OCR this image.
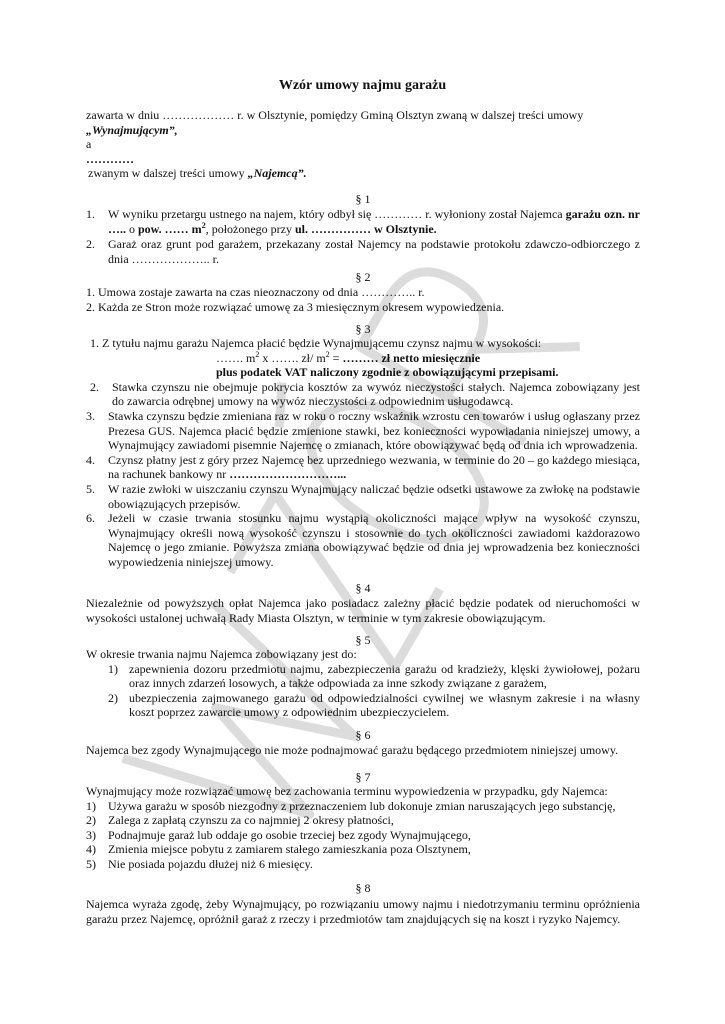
Wzór umowy najmu garażu
zawarta w dniu ……………… r. w Olsztynie, pomiędzy Gminą Olsztyn zwaną w dalszej treści umowy
„Wynajmującym”,
a
…………
zwanym w dalszej treści umowy „Najemcą”.
§ 1
1. W wyniku przetargu ustnego na najem, który odbył się ………… r. wyłoniony został Najemca garażu ozn. nr ….. o pow. …… $m^2$, położonego przy ul. …………… w Olsztynie.
2. Garaż oraz grunt pod garażem, przekazany został Najemcy na podstawie protokołu zdawczo-odbiorczego z dnia ……………….. r.
§ 2
1. Umowa zostaje zawarta na czas nieoznaczony od dnia ………….. r.
2. Każda ze Stron może rozwiązać umowę za 3 miesięcznym okresem wypowiedzenia.
§ 3
1. Z tytułu najmu garażu Najemca płacić będzie Wynajmującemu czynsz najmu w wysokości:
……. $m^2$ x ……. zł/ $m^2$ = ……… zł netto miesięcznie
plus podatek VAT naliczony zgodnie z obowiązującymi przepisami.
2. Stawka czynszu nie obejmuje pokrycia kosztów za wywóz nieczystości stałych. Najemca zobowiązany jest do zawarcia odrębnej umowy na wywóz nieczystości z odpowiednim usługodawcą.
3. Stawka czynszu będzie zmieniana raz w roku o roczny wskaźnik wzrostu cen towarów i usług ogłaszany przez Prezesa GUS. Najemca płacić będzie zmienione stawki, bez konieczności wypowiadania niniejszej umowy, a Wynajmujący zawiadomi pisemnie Najemcę o zmianach, które obowiązywać będą od dnia ich wprowadzenia.
4. Czynsz płatny jest z góry przez Najemcę bez uprzedniego wezwania, w terminie do 20 – go każdego miesiąca, na rachunek bankowy nr ………………………...
5. W razie zwłoki w uiszczaniu czynszu Wynajmujący naliczać będzie odsetki ustawowe za zwłokę na podstawie obowiązujących przepisów.
6. Jeżeli w czasie trwania stosunku najmu wystąpią okoliczności mające wpływ na wysokość czynszu, Wynajmujący określi nową wysokość czynszu i stosownie do tych okoliczności zawiadomi każdorazowo Najemcę o jego zmianie. Powyższa zmiana obowiązywać będzie od dnia jej wprowadzenia bez konieczności wypowiedzenia niniejszej umowy.
§ 4
Niezależnie od powyższych opłat Najemca jako posiadacz zależny płacić będzie podatek od nieruchomości w wysokości ustalonej uchwałą Rady Miasta Olsztyn, w terminie w tym zakresie obowiązującym.
§ 5
W okresie trwania najmu Najemca zobowiązany jest do:
1) zapewnienia dozoru przedmiotu najmu, zabezpieczenia garażu od kradzieży, klęski żywiołowej, pożaru oraz innych zdarzeń losowych, a także odpowiada za inne szkody związane z garażem,
2) ubezpieczenia zajmowanego garażu od odpowiedzialności cywilnej we własnym zakresie i na własny koszt poprzez zawarcie umowy z odpowiednim ubezpieczycielem.
§ 6
Najemca bez zgody Wynajmującego nie może podnajmować garażu będącego przedmiotem niniejszej umowy.
§ 7
Wynajmujący może rozwiązać umowę bez zachowania terminu wypowiedzenia w przypadku, gdy Najemca:
1) Używa garażu w sposób niezgodny z przeznaczeniem lub dokonuje zmian naruszających jego substancję,
2) Zalega z zapłatą czynszu za co najmniej 2 okresy płatności,
3) Podnajmuje garaż lub oddaje go osobie trzeciej bez zgody Wynajmującego,
4) Zmienia miejsce pobytu z zamiarem stałego zamieszkania poza Olsztynem,
5) Nie posiada pojazdu dłużej niż 6 miesięcy.
§ 8
Najemca wyraża zgodę, żeby Wynajmujący, po rozwiązaniu umowy najmu i niedotrzymaniu terminu opróżnienia garażu przez Najemcę, opróżnił garaż z rzeczy i przedmiotów tam znajdujących się na koszt i ryzyko Najemcy.
